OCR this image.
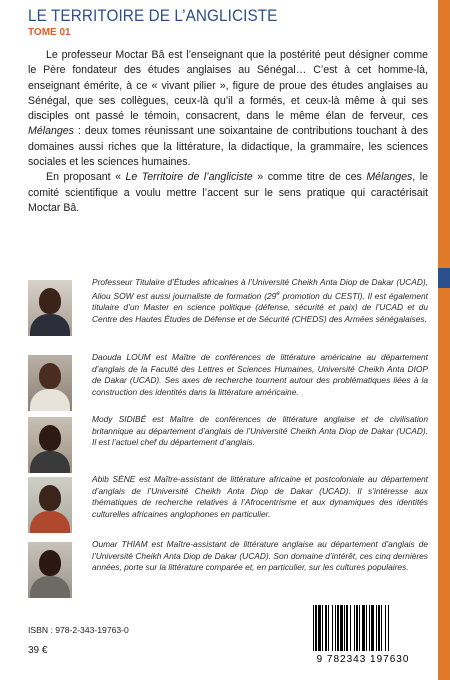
LE TERRITOIRE DE L’ANGLICISTE
TOME 01

Le professeur Moctar Bâ est l’enseignant que la postérité peut désigner comme le Père fondateur des études anglaises au Sénégal… C’est à cet homme-là, enseignant émérite, à ce « vivant pilier », figure de proue des études anglaises au Sénégal, que ses collègues, ceux-là qu’il a formés, et ceux-là même à qui ses disciples ont passé le témoin, consacrent, dans le même élan de ferveur, ces Mélanges : deux tomes réunissant une soixantaine de contributions touchant à des domaines aussi riches que la littérature, la didactique, la grammaire, les sciences sociales et les sciences humaines.

En proposant « Le Territoire de l’angliciste » comme titre de ces Mélanges, le comité scientifique a voulu mettre l’accent sur le sens pratique qui caractérisait Moctar Bâ.

Professeur Titulaire d’Études africaines à l’Université Cheikh Anta Diop de Dakar (UCAD), Aliou SOW est aussi journaliste de formation (29e promotion du CESTI). Il est également titulaire d’un Master en science politique (défense, sécurité et paix) de l’UCAD et du Centre des Hautes Études de Défense et de Sécurité (CHEDS) des Armées sénégalaises.
Daouda LOUM est Maître de conférences de littérature américaine au département d’anglais de la Faculté des Lettres et Sciences Humaines, Université Cheikh Anta DIOP de Dakar (UCAD). Ses axes de recherche tournent autour des problématiques liées à la construction des identités dans la littérature américaine.
Mody SIDIBÉ est Maître de conférences de littérature anglaise et de civilisation britannique au département d’anglais de l’Université Cheikh Anta Diop de Dakar (UCAD). Il est l’actuel chef du département d’anglais.
Abib SÈNE est Maître-assistant de littérature africaine et postcoloniale au département d’anglais de l’Université Cheikh Anta Diop de Dakar (UCAD). Il s’intéresse aux thématiques de recherche relatives à l’Afrocentrisme et aux dynamiques des identités culturelles africaines anglophones en particulier.
Oumar THIAM est Maître-assistant de littérature anglaise au département d’anglais de l’Université Cheikh Anta Diop de Dakar (UCAD). Son domaine d’intérêt, ces cinq dernières années, porte sur la littérature comparée et, en particulier, sur les cultures populaires.
ISBN : 978-2-343-19763-0
39 €
9 782343 197630
